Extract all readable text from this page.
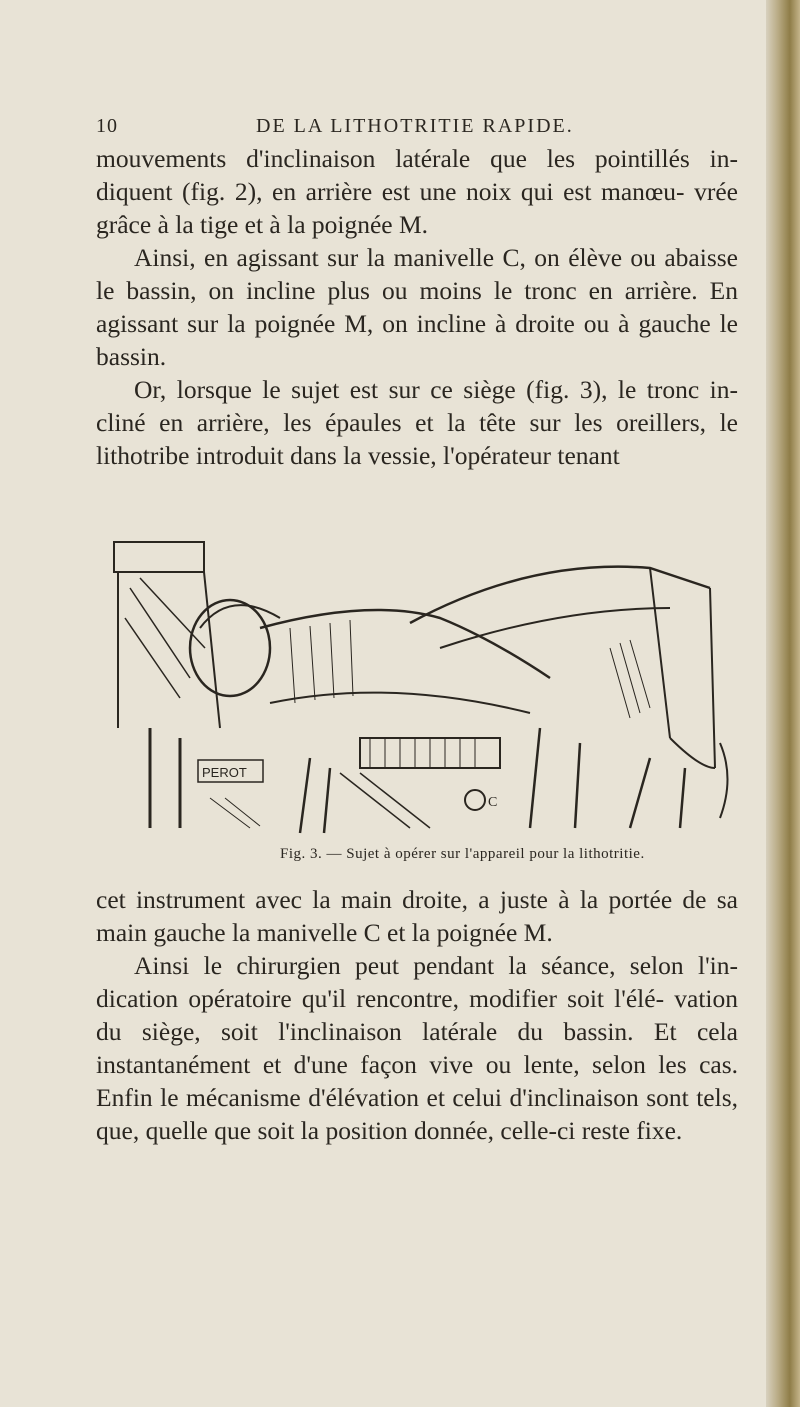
10	DE LA LITHOTRITIE RAPIDE.

mouvements d'inclinaison latérale que les pointillés in- diquent (fig. 2), en arrière est une noix qui est manœu- vrée grâce à la tige et à la poignée M.

Ainsi, en agissant sur la manivelle C, on élève ou abaisse le bassin, on incline plus ou moins le tronc en arrière. En agissant sur la poignée M, on incline à droite ou à gauche le bassin.

Or, lorsque le sujet est sur ce siège (fig. 3), le tronc in- cliné en arrière, les épaules et la tête sur les oreillers, le lithotribe introduit dans la vessie, l'opérateur tenant

PEROT
C
Fig. 3. — Sujet à opérer sur l'appareil pour la lithotritie.

cet instrument avec la main droite, a juste à la portée de sa main gauche la manivelle C et la poignée M.

Ainsi le chirurgien peut pendant la séance, selon l'in- dication opératoire qu'il rencontre, modifier soit l'élé- vation du siège, soit l'inclinaison latérale du bassin. Et cela instantanément et d'une façon vive ou lente, selon les cas. Enfin le mécanisme d'élévation et celui d'inclinaison sont tels, que, quelle que soit la position donnée, celle-ci reste fixe.
